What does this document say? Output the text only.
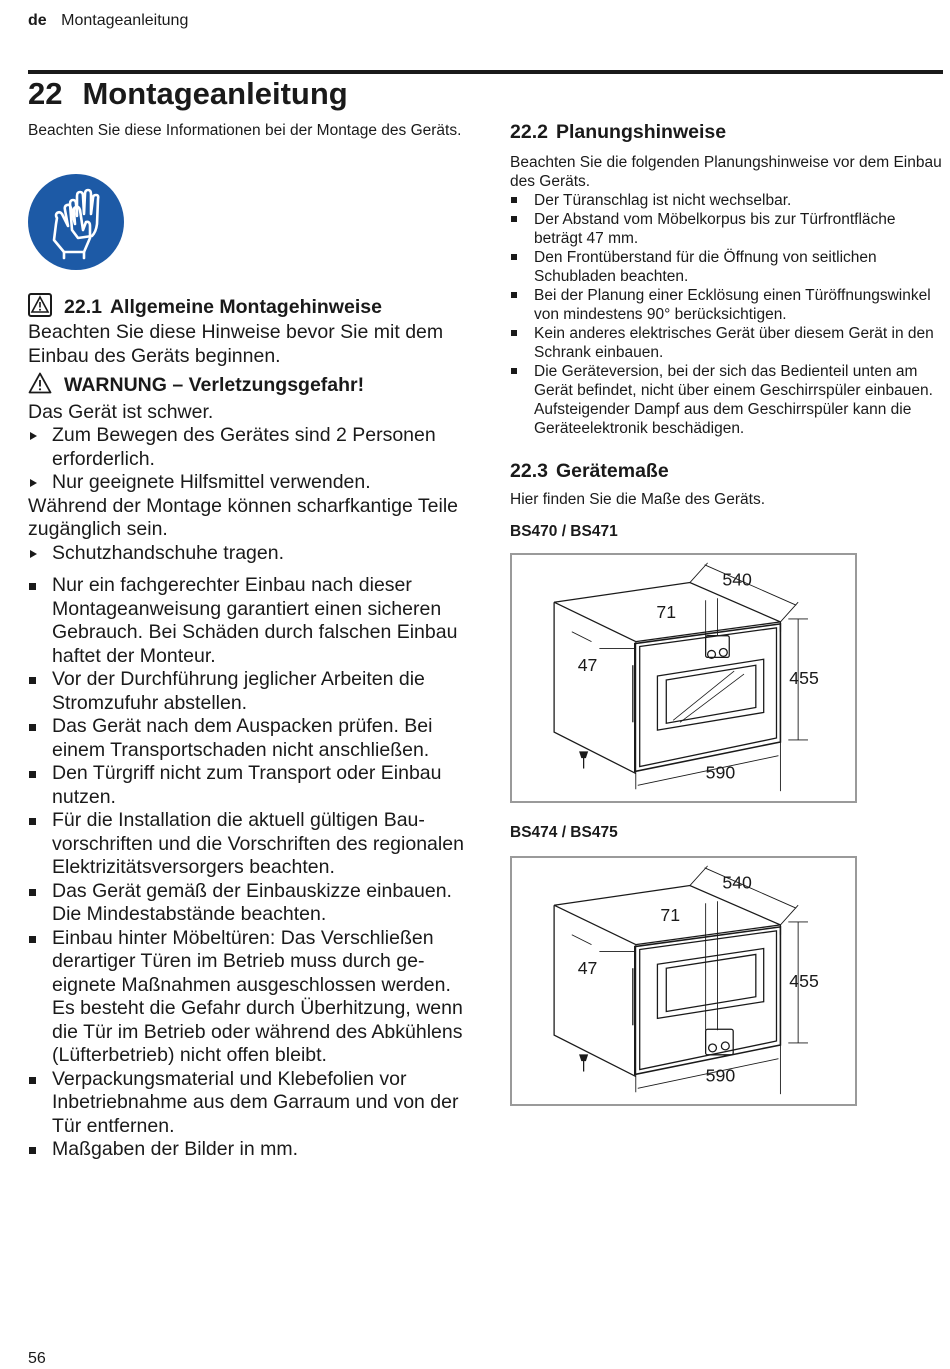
de Montageanleitung
22 Montageanleitung

Beachten Sie diese Informationen bei der Montage des Geräts.

22.1 Allgemeine Montagehinweise

Beachten Sie diese Hinweise bevor Sie mit dem Einbau des Geräts beginnen.

WARNUNG – Verletzungsgefahr!

Das Gerät ist schwer.

Zum Bewegen des Gerätes sind 2 Personen erforderlich.
Nur geeignete Hilfsmittel verwenden.

Während der Montage können scharfkantige Teile zugänglich sein.

Schutzhandschuhe tragen.
Nur ein fachgerechter Einbau nach dieser Montageanweisung garantiert einen sicheren Gebrauch. Bei Schäden durch falschen Einbau haftet der Monteur.
Vor der Durchführung jeglicher Arbeiten die Stromzufuhr abstellen.
Das Gerät nach dem Auspacken prüfen. Bei einem Transportschaden nicht anschließen.
Den Türgriff nicht zum Transport oder Einbau nutzen.
Für die Installation die aktuell gültigen Bauvorschriften und die Vorschriften des regionalen Elektrizitätsversorgers beachten.
Das Gerät gemäß der Einbauskizze einbauen. Die Mindestabstände beachten.
Einbau hinter Möbeltüren: Das Verschließen derartiger Türen im Betrieb muss durch geeignete Maßnahmen ausgeschlossen werden. Es besteht die Gefahr durch Überhitzung, wenn die Tür im Betrieb oder während des Abkühlens (Lüfterbetrieb) nicht offen bleibt.
Verpackungsmaterial und Klebefolien vor Inbetriebnahme aus dem Garraum und von der Tür entfernen.
Maßgaben der Bilder in mm.
22.2 Planungshinweise

Beachten Sie die folgenden Planungshinweise vor dem Einbau des Geräts.

Der Türanschlag ist nicht wechselbar.
Der Abstand vom Möbelkorpus bis zur Türfrontfläche beträgt 47 mm.
Den Frontüberstand für die Öffnung von seitlichen Schubladen beachten.
Bei der Planung einer Ecklösung einen Türöffnungswinkel von mindestens 90° berücksichtigen.
Kein anderes elektrisches Gerät über diesem Gerät in den Schrank einbauen.
Die Geräteversion, bei der sich das Bedienteil unten am Gerät befindet, nicht über einem Geschirrspüler einbauen. Aufsteigender Dampf aus dem Geschirrspüler kann die Geräteelektronik beschädigen.
22.3 Gerätemaße

Hier finden Sie die Maße des Geräts.

BS470 / BS471

540
71
47
455
590

BS474 / BS475

540
71
47
455
590
56
